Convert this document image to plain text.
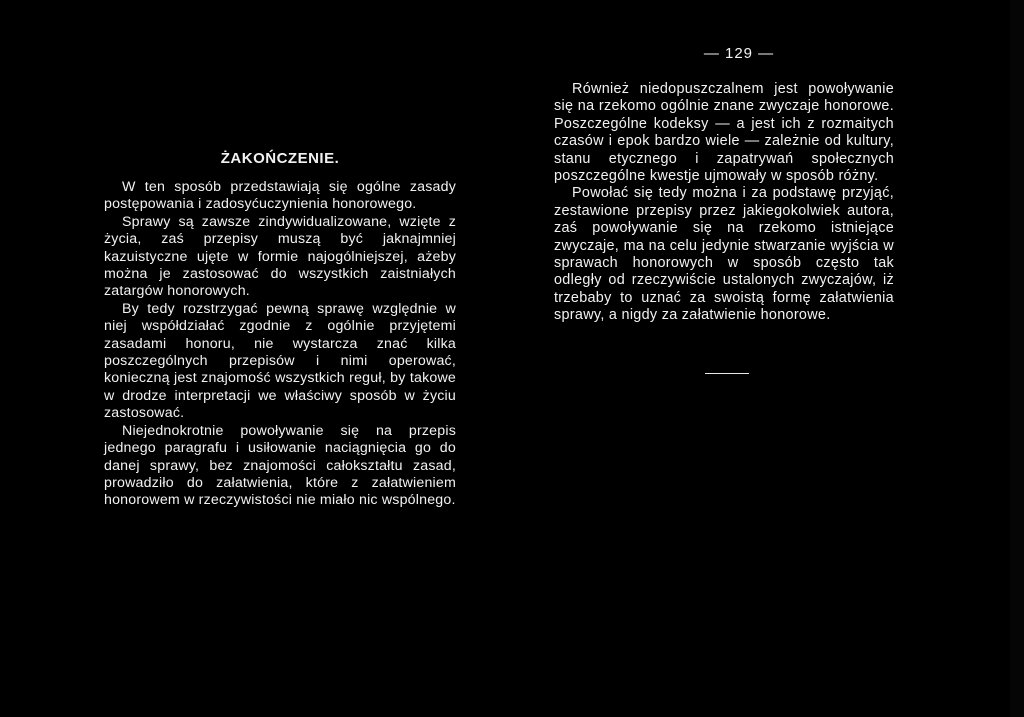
ŻAKOŃCZENIE.

W ten sposób przedstawiają się ogólne zasady postępowania i zadosyćuczynienia honorowego.

Sprawy są zawsze zindywidualizowane, wzięte z życia, zaś przepisy muszą być jaknajmniej kazuistyczne ujęte w formie najogólniejszej, ażeby można je zastosować do wszystkich zaistniałych zatargów honorowych.

By tedy rozstrzygać pewną sprawę względnie w niej współdziałać zgodnie z ogólnie przyjętemi zasadami honoru, nie wystarcza znać kilka poszczególnych przepisów i nimi operować, konieczną jest znajomość wszystkich reguł, by takowe w drodze interpretacji we właściwy sposób w życiu zastosować.

Niejednokrotnie powoływanie się na przepis jednego paragrafu i usiłowanie naciągnięcia go do danej sprawy, bez znajomości całokształtu zasad, prowadziło do załatwienia, które z załatwieniem honorowem w rzeczywistości nie miało nic wspólnego.

— 129 —

Również niedopuszczalnem jest powoływanie się na rzekomo ogólnie znane zwyczaje honorowe. Poszczególne kodeksy — a jest ich z rozmaitych czasów i epok bardzo wiele — zależnie od kultury, stanu etycznego i zapatrywań społecznych poszczególne kwestje ujmowały w sposób różny.

Powołać się tedy można i za podstawę przyjąć, zestawione przepisy przez jakiegokolwiek autora, zaś powoływanie się na rzekomo istniejące zwyczaje, ma na celu jedynie stwarzanie wyjścia w sprawach honorowych w sposób często tak odległy od rzeczywiście ustalonych zwyczajów, iż trzebaby to uznać za swoistą formę załatwienia sprawy, a nigdy za załatwienie honorowe.
